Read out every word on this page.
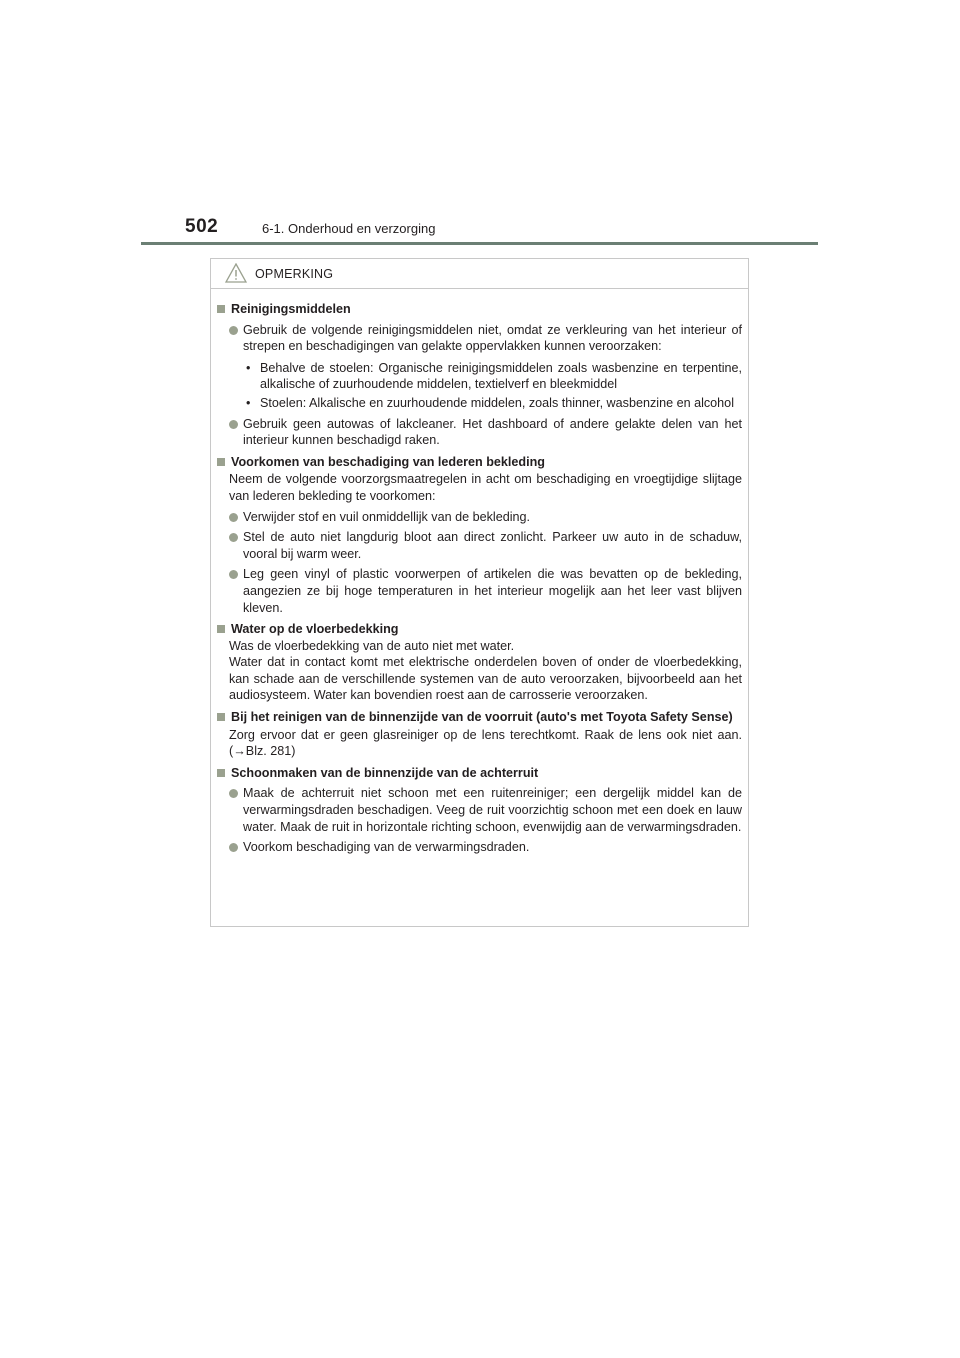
502	6-1. Onderhoud en verzorging
OPMERKING
Reinigingsmiddelen
Gebruik de volgende reinigingsmiddelen niet, omdat ze verkleuring van het interieur of strepen en beschadigingen van gelakte oppervlakken kunnen veroorzaken:
• Behalve de stoelen: Organische reinigingsmiddelen zoals wasbenzine en terpentine, alkalische of zuurhoudende middelen, textielverf en bleekmiddel
• Stoelen: Alkalische en zuurhoudende middelen, zoals thinner, wasbenzine en alcohol
Gebruik geen autowas of lakcleaner. Het dashboard of andere gelakte delen van het interieur kunnen beschadigd raken.
Voorkomen van beschadiging van lederen bekleding
Neem de volgende voorzorgsmaatregelen in acht om beschadiging en vroegtijdige slijtage van lederen bekleding te voorkomen:
Verwijder stof en vuil onmiddellijk van de bekleding.
Stel de auto niet langdurig bloot aan direct zonlicht. Parkeer uw auto in de schaduw, vooral bij warm weer.
Leg geen vinyl of plastic voorwerpen of artikelen die was bevatten op de bekleding, aangezien ze bij hoge temperaturen in het interieur mogelijk aan het leer vast blijven kleven.
Water op de vloerbedekking
Was de vloerbedekking van de auto niet met water.
Water dat in contact komt met elektrische onderdelen boven of onder de vloerbedekking, kan schade aan de verschillende systemen van de auto veroorzaken, bijvoorbeeld aan het audiosysteem. Water kan bovendien roest aan de carrosserie veroorzaken.
Bij het reinigen van de binnenzijde van de voorruit (auto's met Toyota Safety Sense)
Zorg ervoor dat er geen glasreiniger op de lens terechtkomt. Raak de lens ook niet aan. (→Blz. 281)
Schoonmaken van de binnenzijde van de achterruit
Maak de achterruit niet schoon met een ruitenreiniger; een dergelijk middel kan de verwarmingsdraden beschadigen. Veeg de ruit voorzichtig schoon met een doek en lauw water. Maak de ruit in horizontale richting schoon, evenwijdig aan de verwarmingsdraden.
Voorkom beschadiging van de verwarmingsdraden.
